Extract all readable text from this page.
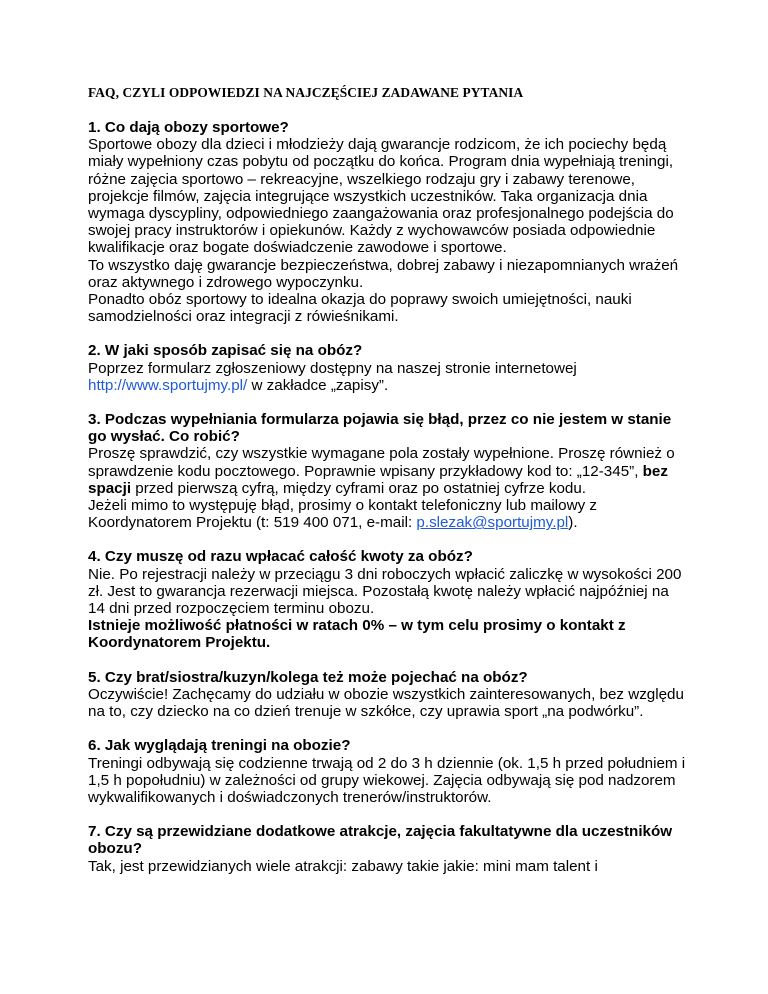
FAQ, CZYLI ODPOWIEDZI NA NAJCZĘŚCIEJ ZADAWANE PYTANIA

1. Co dają obozy sportowe?

Sportowe obozy dla dzieci i młodzieży dają gwarancje rodzicom, że ich pociechy będą miały wypełniony czas pobytu od początku do końca. Program dnia wypełniają treningi, różne zajęcia sportowo – rekreacyjne, wszelkiego rodzaju gry i zabawy terenowe, projekcje filmów, zajęcia integrujące wszystkich uczestników. Taka organizacja dnia wymaga dyscypliny, odpowiedniego zaangażowania oraz profesjonalnego podejścia do swojej pracy instruktorów i opiekunów. Każdy z wychowawców posiada odpowiednie kwalifikacje oraz bogate doświadczenie zawodowe i sportowe.

To wszystko daję gwarancje bezpieczeństwa, dobrej zabawy i niezapomnianych wrażeń oraz aktywnego i zdrowego wypoczynku.

Ponadto obóz sportowy to idealna okazja do poprawy swoich umiejętności, nauki samodzielności oraz integracji z rówieśnikami.

2. W jaki sposób zapisać się na obóz?

Poprzez formularz zgłoszeniowy dostępny na naszej stronie internetowej http://www.sportujmy.pl/ w zakładce „zapisy”.

3. Podczas wypełniania formularza pojawia się błąd, przez co nie jestem w stanie go wysłać. Co robić?

Proszę sprawdzić, czy wszystkie wymagane pola zostały wypełnione. Proszę również o sprawdzenie kodu pocztowego. Poprawnie wpisany przykładowy kod to: „12-345”, bez spacji przed pierwszą cyfrą, między cyframi oraz po ostatniej cyfrze kodu.

Jeżeli mimo to występuję błąd, prosimy o kontakt telefoniczny lub mailowy z Koordynatorem Projektu (t: 519 400 071, e-mail: p.slezak@sportujmy.pl).

4. Czy muszę od razu wpłacać całość kwoty za obóz?

Nie. Po rejestracji należy w przeciągu 3 dni roboczych wpłacić zaliczkę w wysokości 200 zł. Jest to gwarancja rezerwacji miejsca. Pozostałą kwotę należy wpłacić najpóźniej na 14 dni przed rozpoczęciem terminu obozu.

Istnieje możliwość płatności w ratach 0% – w tym celu prosimy o kontakt z Koordynatorem Projektu.

5. Czy brat/siostra/kuzyn/kolega też może pojechać na obóz?

Oczywiście! Zachęcamy do udziału w obozie wszystkich zainteresowanych, bez względu na to, czy dziecko na co dzień trenuje w szkółce, czy uprawia sport „na podwórku”.

6. Jak wyglądają treningi na obozie?

Treningi odbywają się codzienne trwają od 2 do 3 h dziennie (ok. 1,5 h przed południem i 1,5 h popołudniu) w zależności od grupy wiekowej. Zajęcia odbywają się pod nadzorem wykwalifikowanych i doświadczonych trenerów/instruktorów.

7. Czy są przewidziane dodatkowe atrakcje, zajęcia fakultatywne dla uczestników obozu?

Tak, jest przewidzianych wiele atrakcji: zabawy takie jakie: mini mam talent i
